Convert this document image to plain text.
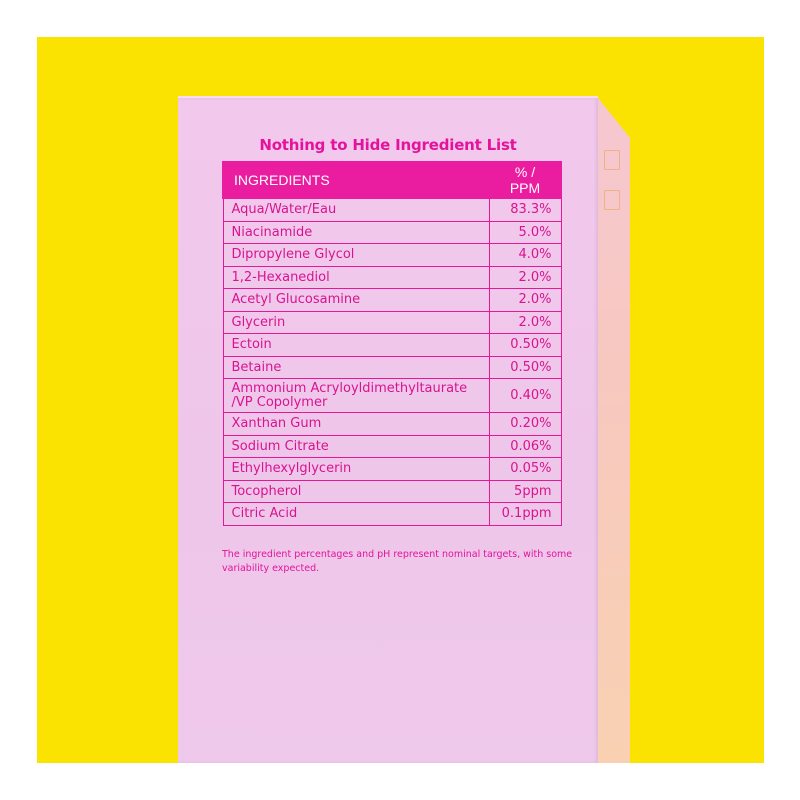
Nothing to Hide Ingredient List
INGREDIENTS	% / PPM
Aqua/Water/Eau	83.3%
Niacinamide	5.0%
Dipropylene Glycol	4.0%
1,2-Hexanediol	2.0%
Acetyl Glucosamine	2.0%
Glycerin	2.0%
Ectoin	0.50%
Betaine	0.50%
Ammonium Acryloyldimethyltaurate /VP Copolymer	0.40%
Xanthan Gum	0.20%
Sodium Citrate	0.06%
Ethylhexylglycerin	0.05%
Tocopherol	5ppm
Citric Acid	0.1ppm
The ingredient percentages and pH represent nominal targets, with some variability expected.
